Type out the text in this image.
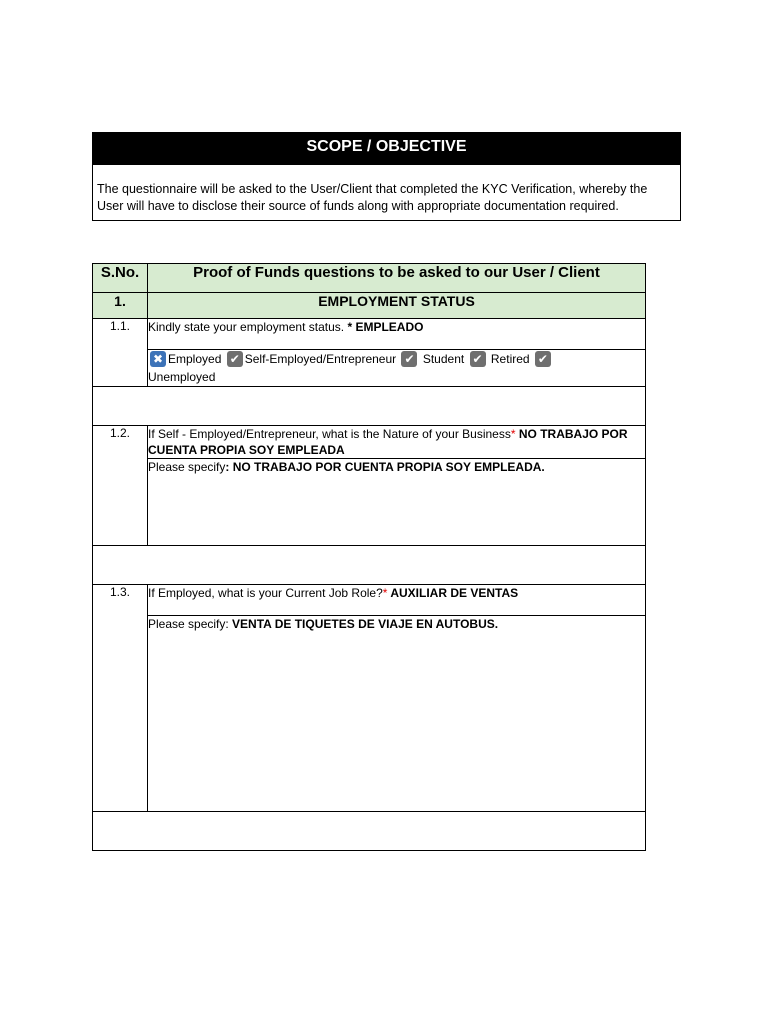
SCOPE / OBJECTIVE
The questionnaire will be asked to the User/Client that completed the KYC Verification, whereby the User will have to disclose their source of funds along with appropriate documentation required.
S.No.	Proof of Funds questions to be asked to our User / Client
1.	EMPLOYMENT STATUS
1.1.	Kindly state your employment status. * EMPLEADO
	✖ Employed ✔ Self-Employed/Entrepreneur ✔ Student ✔ Retired ✔
Unemployed

1.2.	If Self - Employed/Entrepreneur, what is the Nature of your Business* NO TRABAJO POR CUENTA PROPIA SOY EMPLEADA
	Please specify: NO TRABAJO POR CUENTA PROPIA SOY EMPLEADA.

1.3.	If Employed, what is your Current Job Role?* AUXILIAR DE VENTAS
	Please specify: VENTA DE TIQUETES DE VIAJE EN AUTOBUS.
